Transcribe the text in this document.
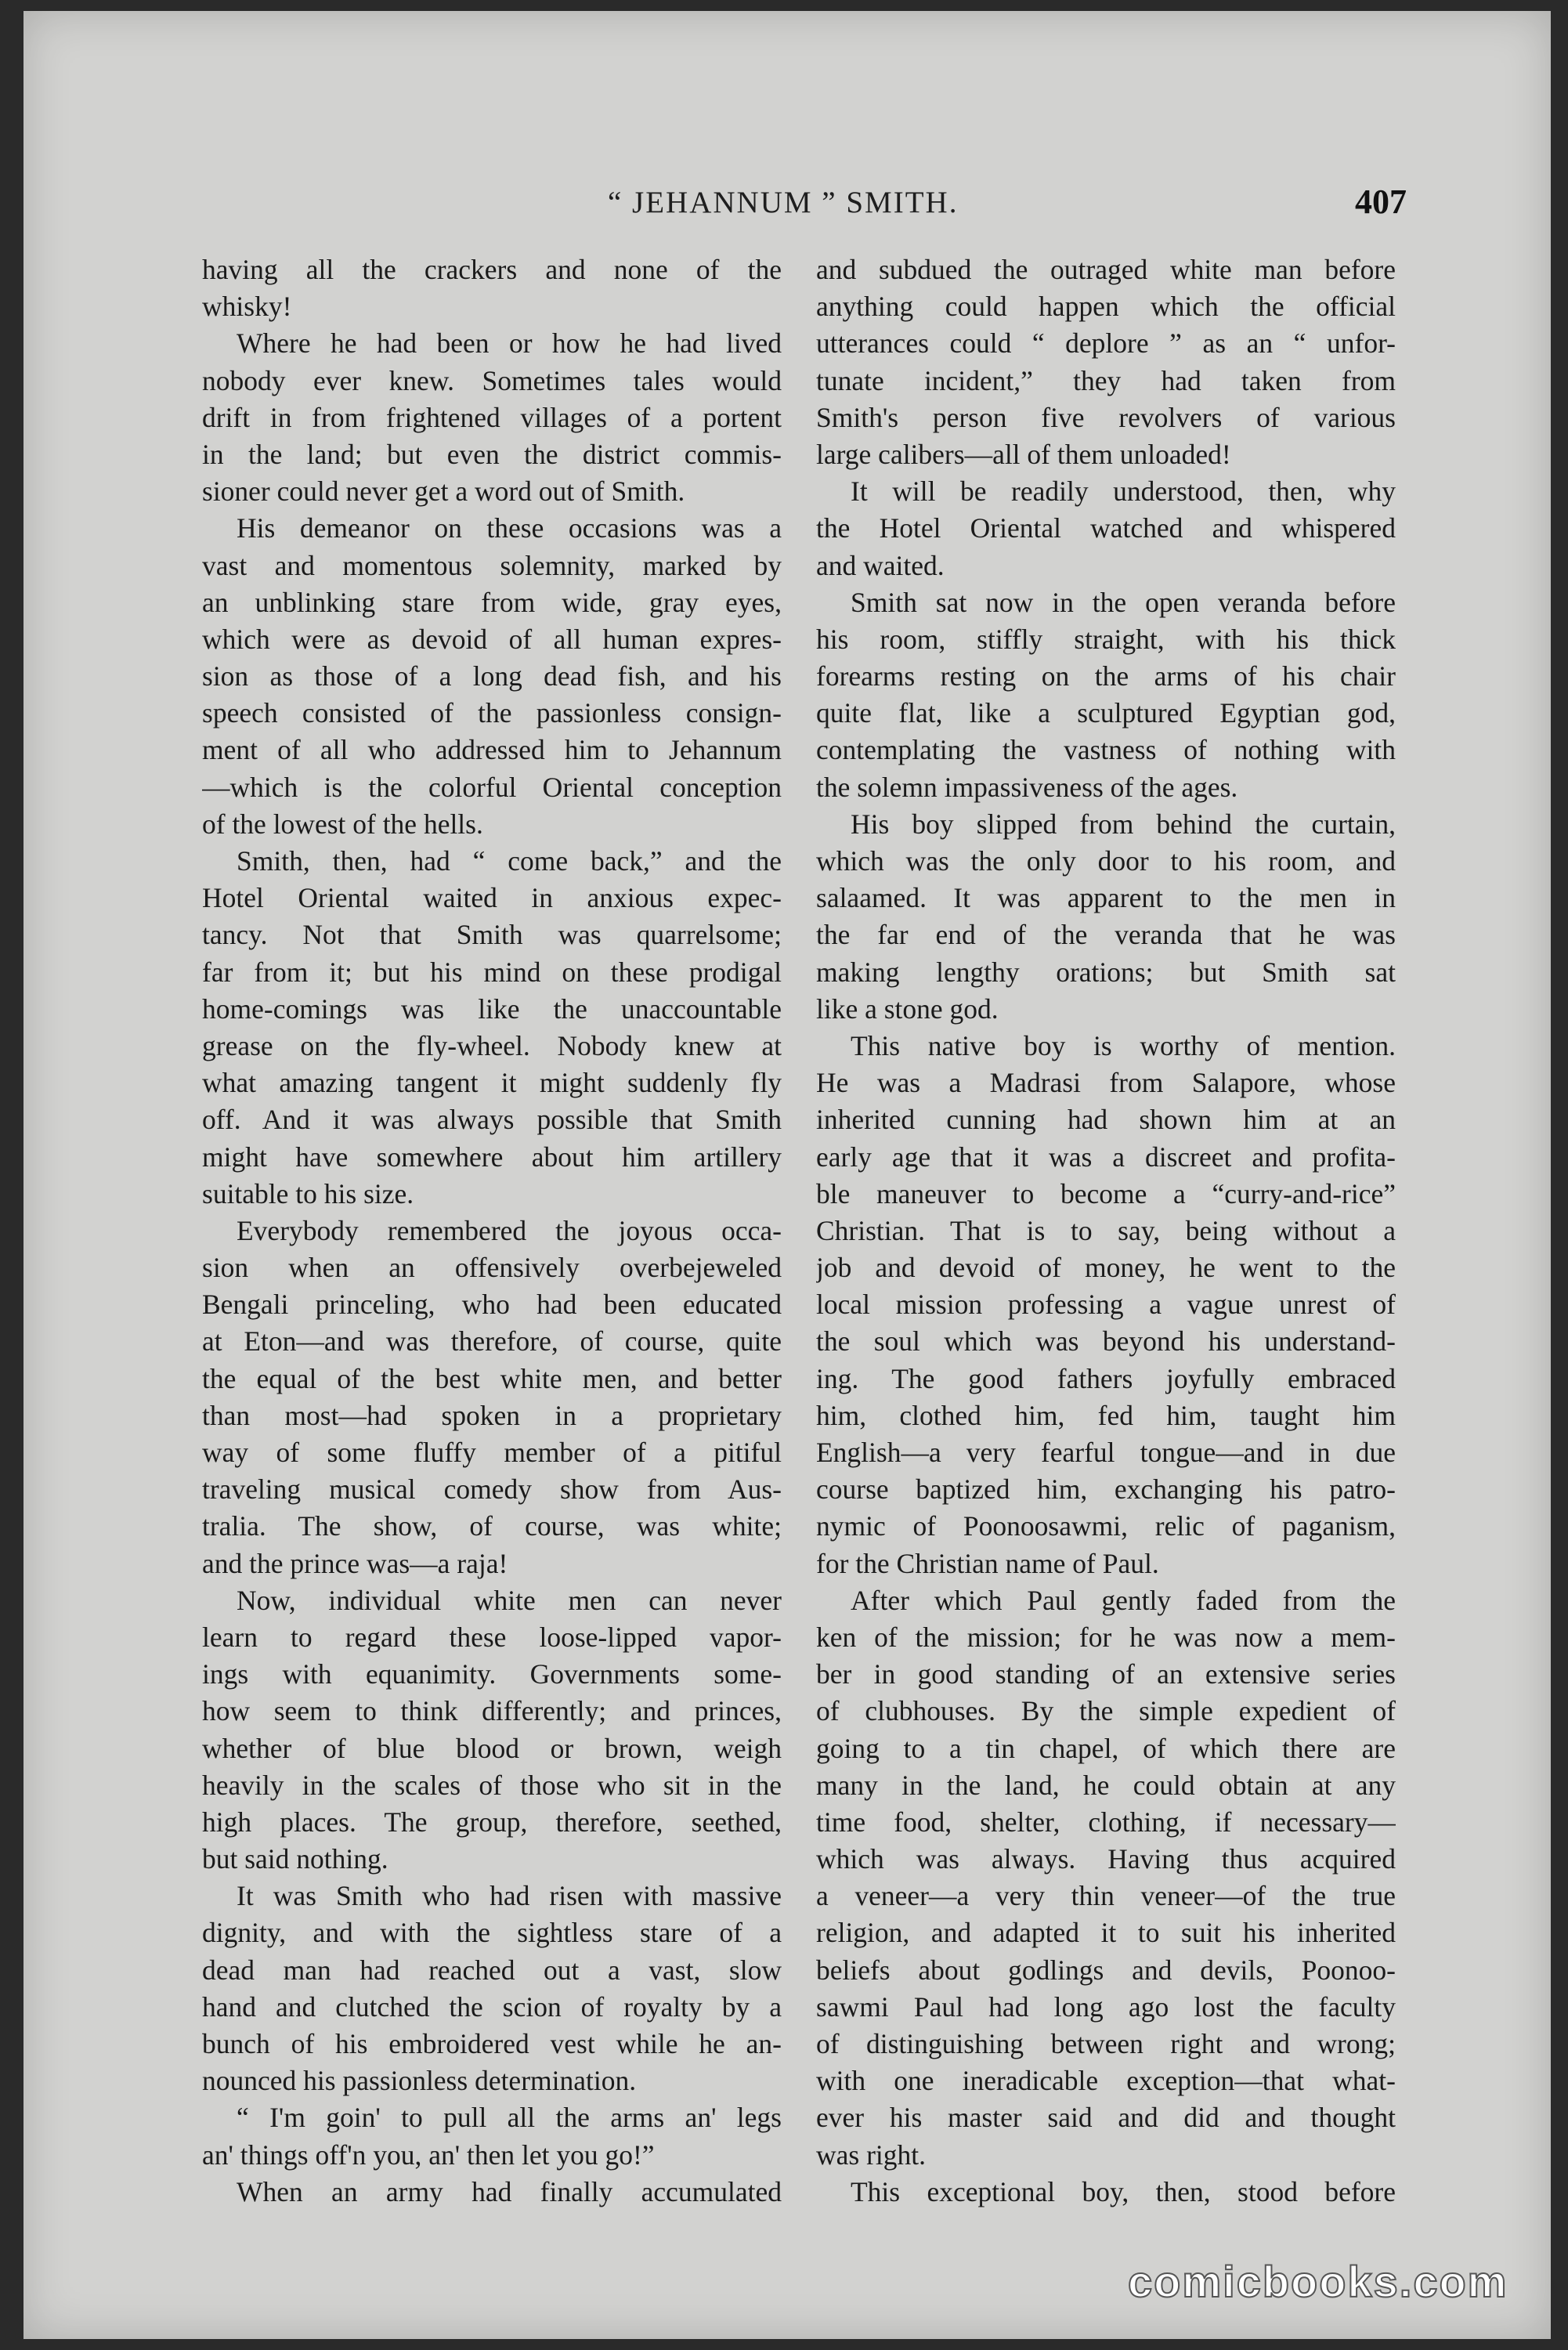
“ JEHANNUM ” SMITH.	407
having all the crackers and none of the
whisky!
Where he had been or how he had lived
nobody ever knew. Sometimes tales would
drift in from frightened villages of a portent
in the land; but even the district commis-
sioner could never get a word out of Smith.
His demeanor on these occasions was a
vast and momentous solemnity, marked by
an unblinking stare from wide, gray eyes,
which were as devoid of all human expres-
sion as those of a long dead fish, and his
speech consisted of the passionless consign-
ment of all who addressed him to Jehannum
—which is the colorful Oriental conception
of the lowest of the hells.
Smith, then, had “ come back,” and the
Hotel Oriental waited in anxious expec-
tancy. Not that Smith was quarrelsome;
far from it; but his mind on these prodigal
home-comings was like the unaccountable
grease on the fly-wheel. Nobody knew at
what amazing tangent it might suddenly fly
off. And it was always possible that Smith
might have somewhere about him artillery
suitable to his size.
Everybody remembered the joyous occa-
sion when an offensively overbejeweled
Bengali princeling, who had been educated
at Eton—and was therefore, of course, quite
the equal of the best white men, and better
than most—had spoken in a proprietary
way of some fluffy member of a pitiful
traveling musical comedy show from Aus-
tralia. The show, of course, was white;
and the prince was—a raja!
Now, individual white men can never
learn to regard these loose-lipped vapor-
ings with equanimity. Governments some-
how seem to think differently; and princes,
whether of blue blood or brown, weigh
heavily in the scales of those who sit in the
high places. The group, therefore, seethed,
but said nothing.
It was Smith who had risen with massive
dignity, and with the sightless stare of a
dead man had reached out a vast, slow
hand and clutched the scion of royalty by a
bunch of his embroidered vest while he an-
nounced his passionless determination.
“ I'm goin' to pull all the arms an' legs
an' things off'n you, an' then let you go!”
When an army had finally accumulated
and subdued the outraged white man before
anything could happen which the official
utterances could “ deplore ” as an “ unfor-
tunate incident,” they had taken from
Smith's person five revolvers of various
large calibers—all of them unloaded!
It will be readily understood, then, why
the Hotel Oriental watched and whispered
and waited.
Smith sat now in the open veranda before
his room, stiffly straight, with his thick
forearms resting on the arms of his chair
quite flat, like a sculptured Egyptian god,
contemplating the vastness of nothing with
the solemn impassiveness of the ages.
His boy slipped from behind the curtain,
which was the only door to his room, and
salaamed. It was apparent to the men in
the far end of the veranda that he was
making lengthy orations; but Smith sat
like a stone god.
This native boy is worthy of mention.
He was a Madrasi from Salapore, whose
inherited cunning had shown him at an
early age that it was a discreet and profita-
ble maneuver to become a “curry-and-rice”
Christian. That is to say, being without a
job and devoid of money, he went to the
local mission professing a vague unrest of
the soul which was beyond his understand-
ing. The good fathers joyfully embraced
him, clothed him, fed him, taught him
English—a very fearful tongue—and in due
course baptized him, exchanging his patro-
nymic of Poonoosawmi, relic of paganism,
for the Christian name of Paul.
After which Paul gently faded from the
ken of the mission; for he was now a mem-
ber in good standing of an extensive series
of clubhouses. By the simple expedient of
going to a tin chapel, of which there are
many in the land, he could obtain at any
time food, shelter, clothing, if necessary—
which was always. Having thus acquired
a veneer—a very thin veneer—of the true
religion, and adapted it to suit his inherited
beliefs about godlings and devils, Poonoo-
sawmi Paul had long ago lost the faculty
of distinguishing between right and wrong;
with one ineradicable exception—that what-
ever his master said and did and thought
was right.
This exceptional boy, then, stood before
comicbooks.com
